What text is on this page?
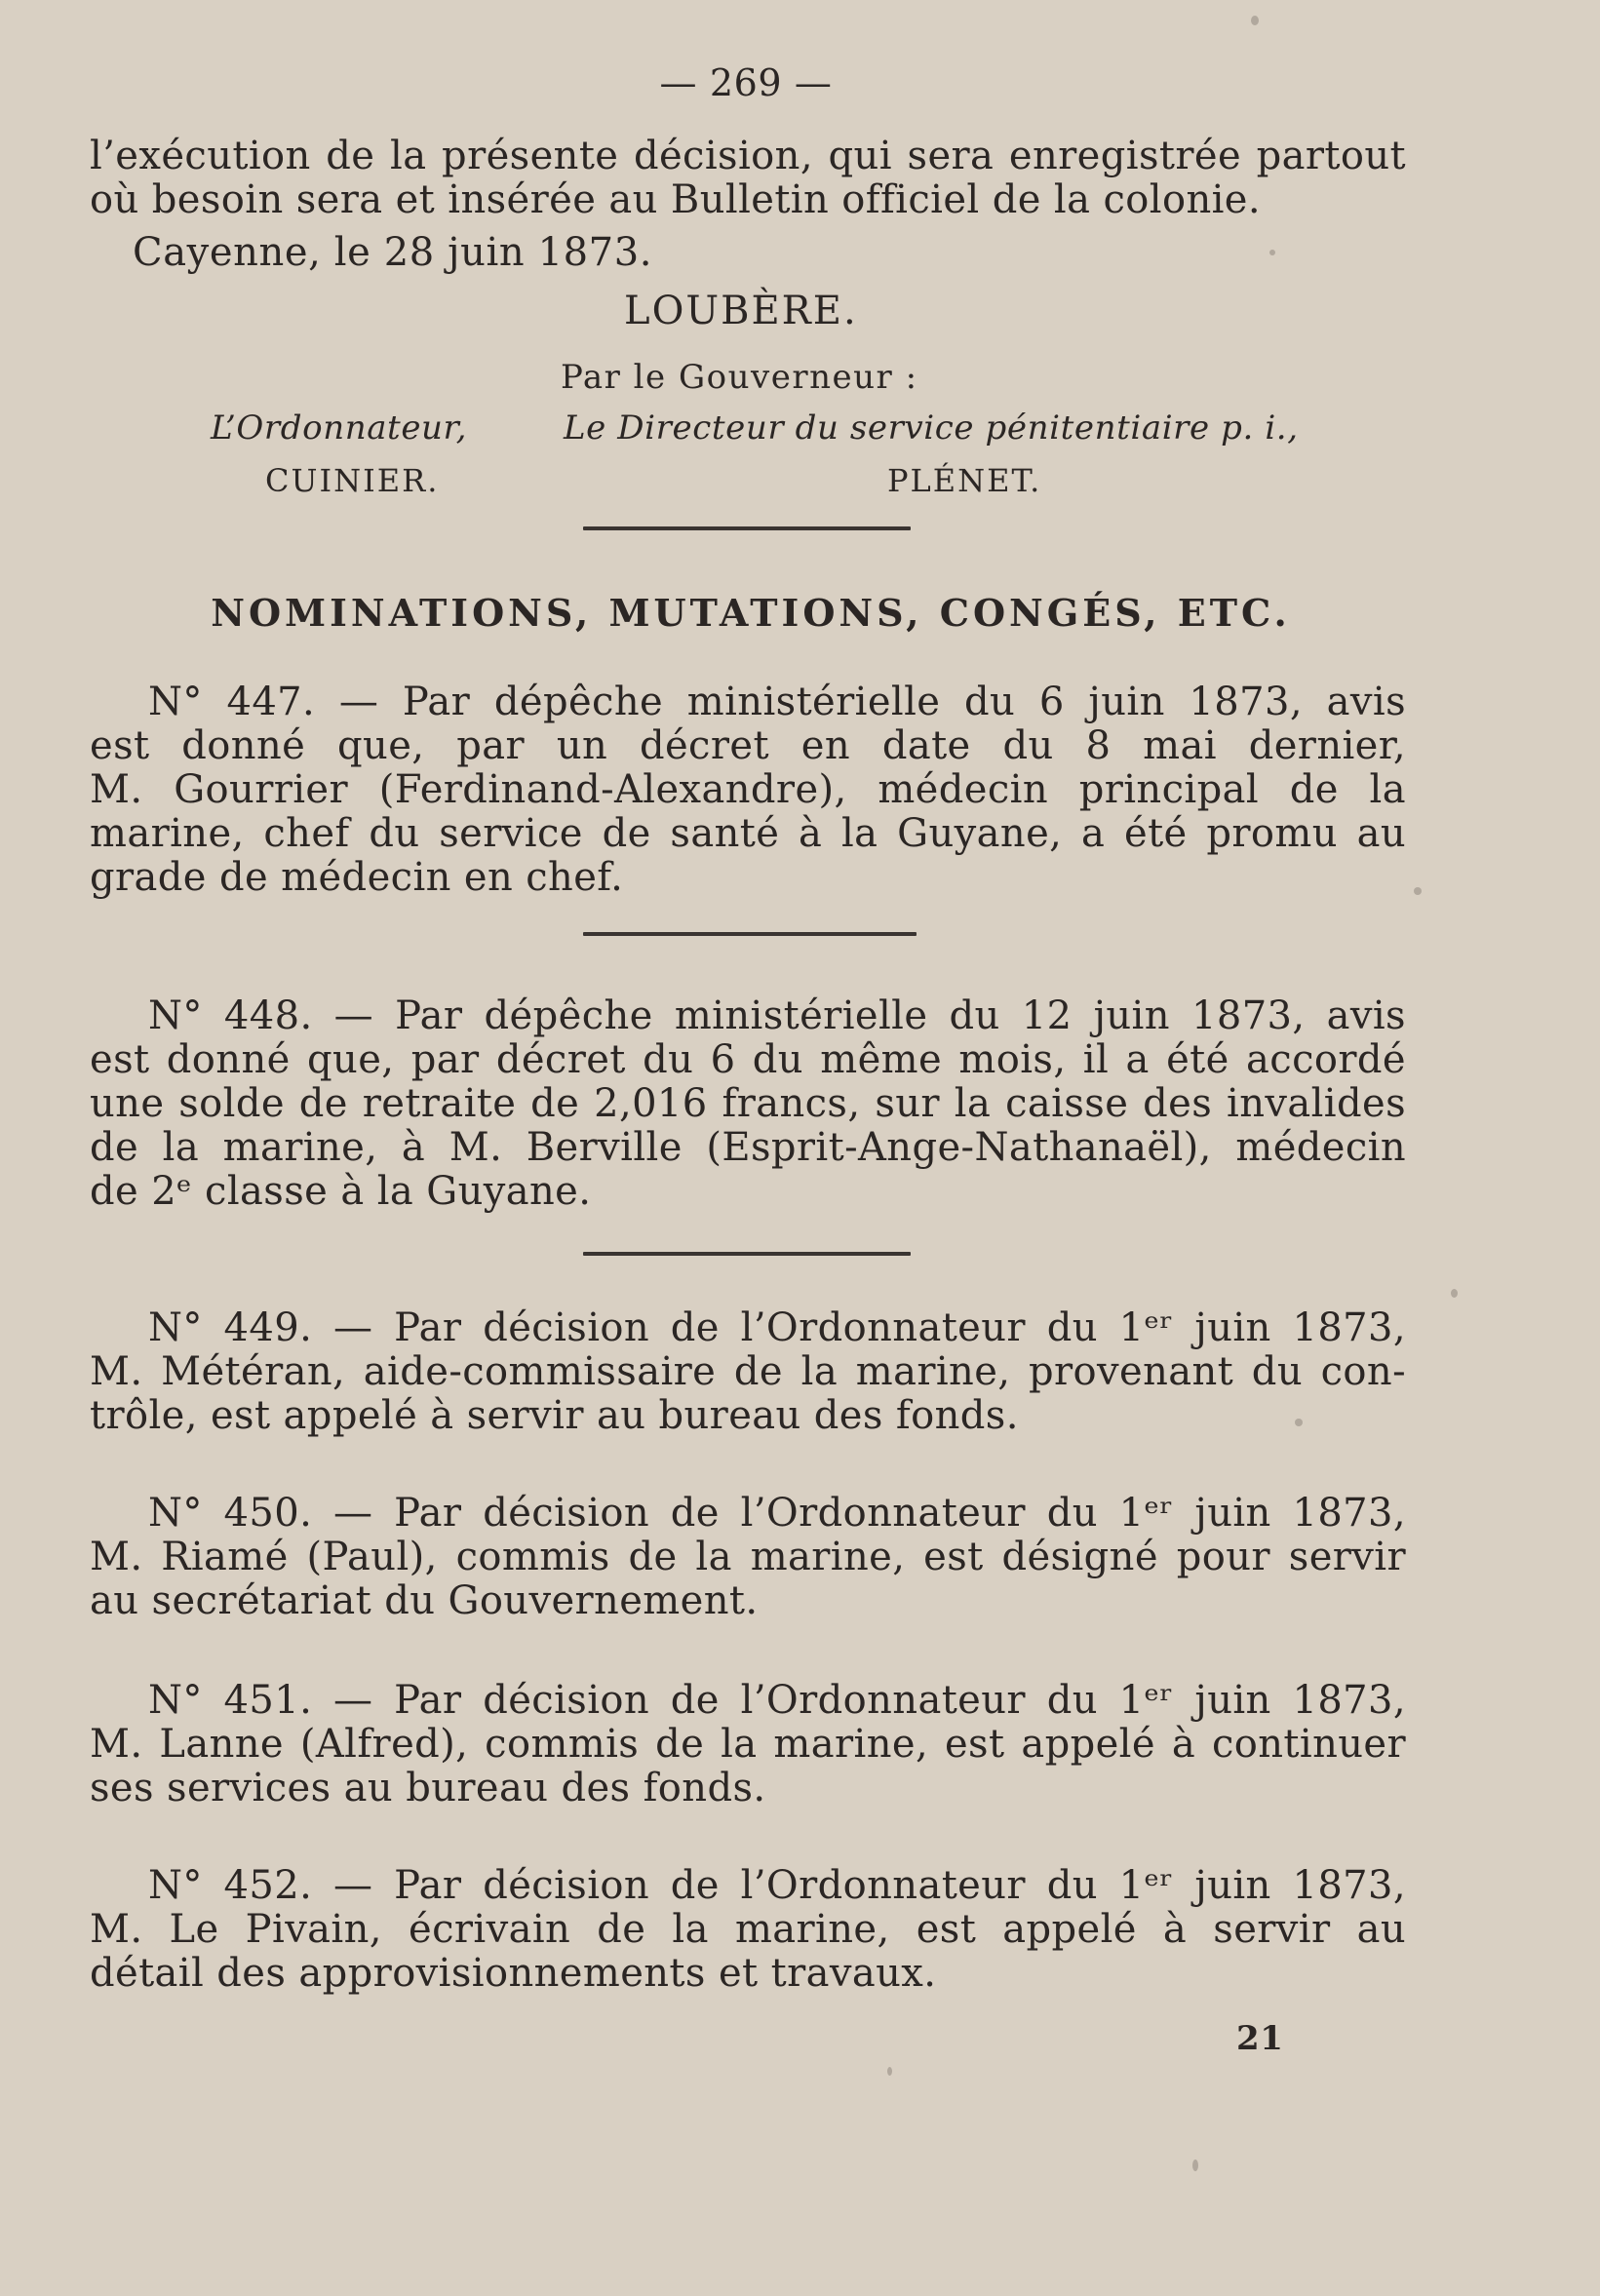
— 269 —
l’exécution de la présente décision, qui sera enregistrée partout
où besoin sera et insérée au Bulletin officiel de la colonie.
Cayenne, le 28 juin 1873.
LOUBÈRE.
Par le Gouverneur :
L’Ordonnateur,	Le Directeur du service pénitentiaire p. i.,
CUINIER.	PLÉNET.
NOMINATIONS, MUTATIONS, CONGÉS, ETC.
N° 447. — Par dépêche ministérielle du 6 juin 1873, avis
est donné que, par un décret en date du 8 mai dernier,
M. Gourrier (Ferdinand-Alexandre), médecin principal de la
marine, chef du service de santé à la Guyane, a été promu au
grade de médecin en chef.
N° 448. — Par dépêche ministérielle du 12 juin 1873, avis
est donné que, par décret du 6 du même mois, il a été accordé
une solde de retraite de 2,016 francs, sur la caisse des invalides
de la marine, à M. Berville (Esprit-Ange-Nathanaël), médecin
de 2ᵉ classe à la Guyane.
N° 449. — Par décision de l’Ordonnateur du 1ᵉʳ juin 1873,
M. Météran, aide-commissaire de la marine, provenant du con-
trôle, est appelé à servir au bureau des fonds.
N° 450. — Par décision de l’Ordonnateur du 1ᵉʳ juin 1873,
M. Riamé (Paul), commis de la marine, est désigné pour servir
au secrétariat du Gouvernement.
N° 451. — Par décision de l’Ordonnateur du 1ᵉʳ juin 1873,
M. Lanne (Alfred), commis de la marine, est appelé à continuer
ses services au bureau des fonds.
N° 452. — Par décision de l’Ordonnateur du 1ᵉʳ juin 1873,
M. Le Pivain, écrivain de la marine, est appelé à servir au
détail des approvisionnements et travaux.
21
